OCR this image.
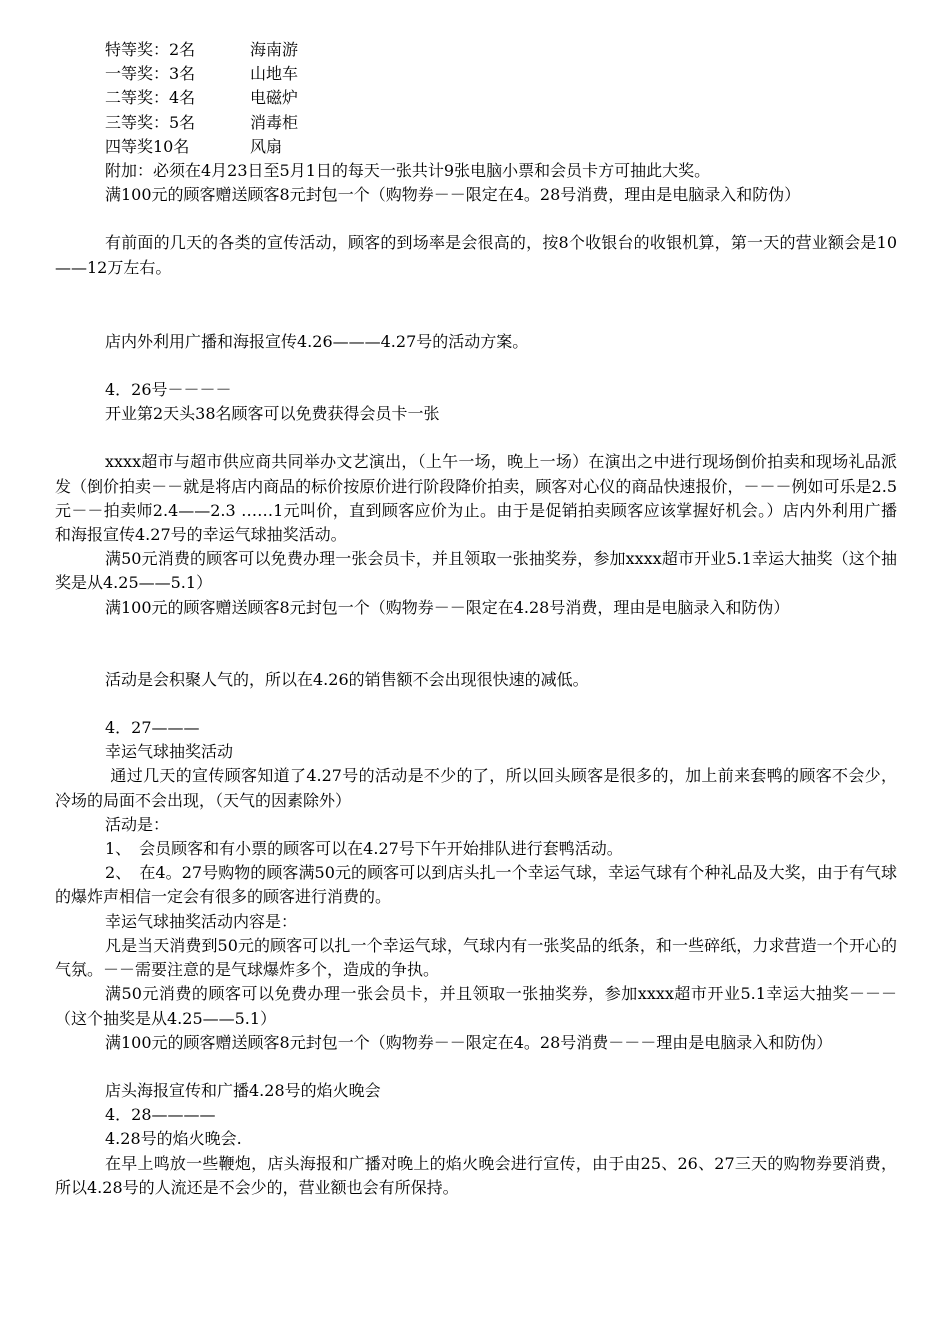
特等奖：2名	海南游
一等奖：3名	山地车
二等奖：4名	电磁炉
三等奖：5名	消毒柜
四等奖10名	风扇

附加：必须在4月23日至5月1日的每天一张共计9张电脑小票和会员卡方可抽此大奖。

满100元的顾客赠送顾客8元封包一个（购物券－－限定在4。28号消费，理由是电脑录入和防伪）

有前面的几天的各类的宣传活动，顾客的到场率是会很高的，按8个收银台的收银机算，第一天的营业额会是10——12万左右。

店内外利用广播和海报宣传4.26———4.27号的活动方案。

4．26号－－－－

开业第2天头38名顾客可以免费获得会员卡一张

xxxx超市与超市供应商共同举办文艺演出，（上午一场，晚上一场）在演出之中进行现场倒价拍卖和现场礼品派发（倒价拍卖－－就是将店内商品的标价按原价进行阶段降价拍卖，顾客对心仪的商品快速报价，－－－例如可乐是2.5元－－拍卖师2.4——2.3 ……1元叫价，直到顾客应价为止。由于是促销拍卖顾客应该掌握好机会。）店内外利用广播和海报宣传4.27号的幸运气球抽奖活动。

满50元消费的顾客可以免费办理一张会员卡，并且领取一张抽奖券，参加xxxx超市开业5.1幸运大抽奖（这个抽奖是从4.25——5.1）

满100元的顾客赠送顾客8元封包一个（购物券－－限定在4.28号消费，理由是电脑录入和防伪）

活动是会积聚人气的，所以在4.26的销售额不会出现很快速的减低。

4．27———

幸运气球抽奖活动

通过几天的宣传顾客知道了4.27号的活动是不少的了，所以回头顾客是很多的，加上前来套鸭的顾客不会少，冷场的局面不会出现，（天气的因素除外）

活动是：

1、　会员顾客和有小票的顾客可以在4.27号下午开始排队进行套鸭活动。

2、　在4。27号购物的顾客满50元的顾客可以到店头扎一个幸运气球，幸运气球有个种礼品及大奖，由于有气球的爆炸声相信一定会有很多的顾客进行消费的。

幸运气球抽奖活动内容是：

凡是当天消费到50元的顾客可以扎一个幸运气球，气球内有一张奖品的纸条，和一些碎纸，力求营造一个开心的气氛。－－需要注意的是气球爆炸多个，造成的争执。

满50元消费的顾客可以免费办理一张会员卡，并且领取一张抽奖券，参加xxxx超市开业5.1幸运大抽奖－－－（这个抽奖是从4.25——5.1）

满100元的顾客赠送顾客8元封包一个（购物券－－限定在4。28号消费－－－理由是电脑录入和防伪）

店头海报宣传和广播4.28号的焰火晚会

4．28————

4.28号的焰火晚会.

在早上鸣放一些鞭炮，店头海报和广播对晚上的焰火晚会进行宣传，由于由25、26、27三天的购物券要消费，所以4.28号的人流还是不会少的，营业额也会有所保持。
